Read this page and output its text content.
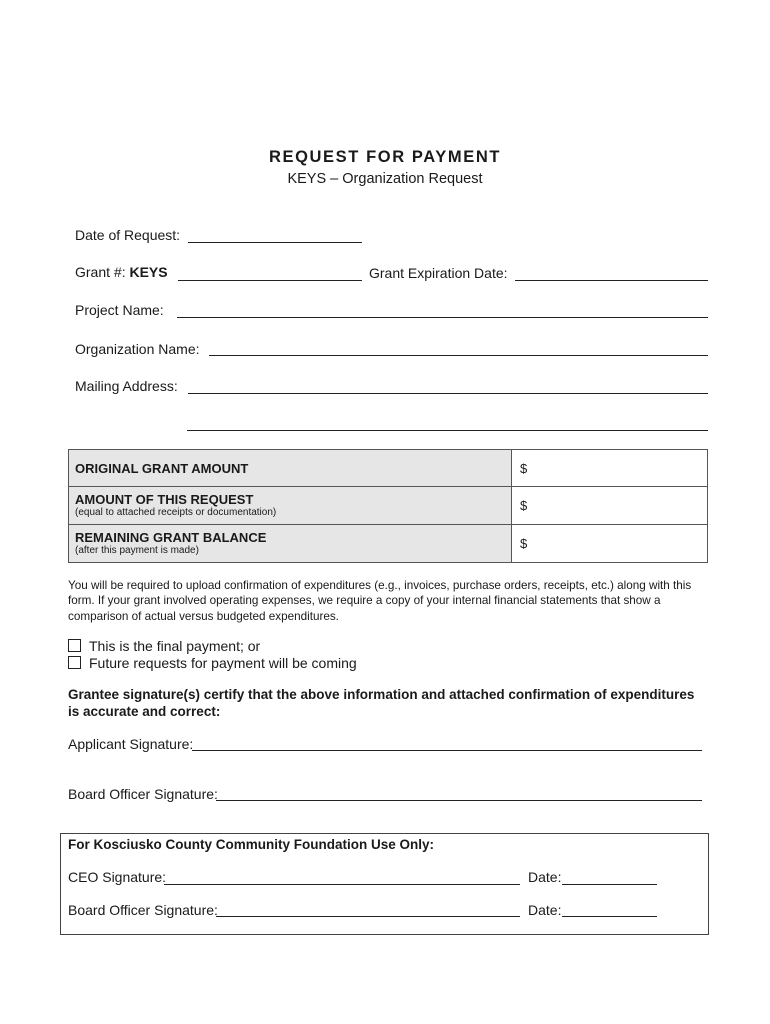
REQUEST FOR PAYMENT
KEYS – Organization Request
Date of Request:
Grant #: KEYS	Grant Expiration Date:
Project Name:
Organization Name:
Mailing Address:
ORIGINAL GRANT AMOUNT	$

AMOUNT OF THIS REQUEST
(equal to attached receipts or documentation)	$

REMAINING GRANT BALANCE
(after this payment is made)	$
You will be required to upload confirmation of expenditures (e.g., invoices, purchase orders, receipts, etc.) along with this form. If your grant involved operating expenses, we require a copy of your internal financial statements that show a comparison of actual versus budgeted expenditures.
This is the final payment; or
Future requests for payment will be coming
Grantee signature(s) certify that the above information and attached confirmation of expenditures is accurate and correct:
Applicant Signature:
Board Officer Signature:
For Kosciusko County Community Foundation Use Only:
CEO Signature:	Date:
Board Officer Signature:	Date:
